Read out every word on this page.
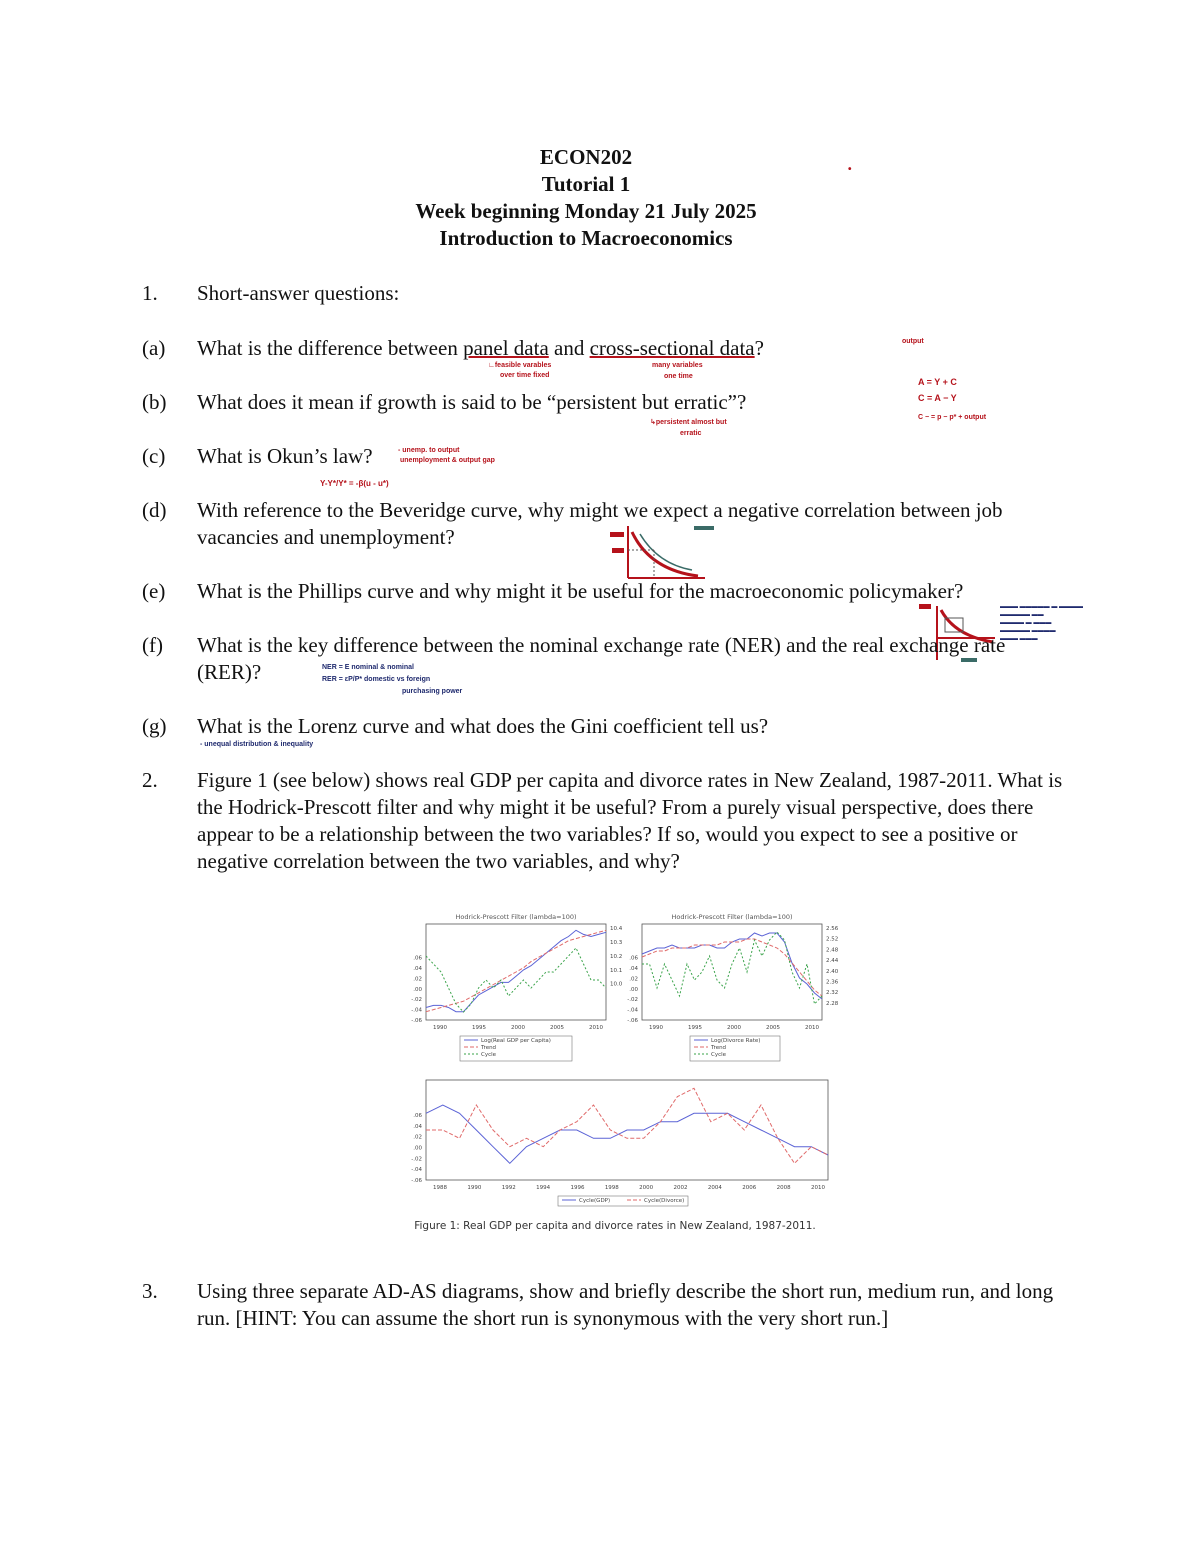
ECON202
Tutorial 1
Week beginning Monday 21 July 2025
Introduction to Macroeconomics
•
1. Short-answer questions:
(a) What is the difference between panel data and cross-sectional data?
∟feasible varables
over time fixed
many variables
one time
output
A = Y + C
C = A − Y
C − = p − p* + output
(b) What does it mean if growth is said to be “persistent but erratic”?
↳persistent almost but
erratic
(c) What is Okun’s law?	- unemp. to output
unemployment & output gap
Y-Y*/Y* = -β(u - u*)
(d) With reference to the Beveridge curve, why might we expect a negative correlation between job vacancies and unemployment?
(e) What is the Phillips curve and why might it be useful for the macroeconomic policymaker?
▬▬▬ ▬▬▬▬▬ ▬ ▬▬▬▬
▬▬▬▬▬ ▬▬
▬▬▬▬ ▬ ▬▬▬
▬▬▬▬▬ ▬▬▬▬
▬▬▬ ▬▬▬
(f) What is the key difference between the nominal exchange rate (NER) and the real exchange rate (RER)?	NER = E nominal & nominal
RER = εP/P* domestic vs foreign
purchasing power
(g) What is the Lorenz curve and what does the Gini coefficient tell us?
- unequal distribution & inequality
2. Figure 1 (see below) shows real GDP per capita and divorce rates in New Zealand, 1987-2011. What is the Hodrick-Prescott filter and why might it be useful? From a purely visual perspective, does there appear to be a relationship between the two variables? If so, would you expect to see a positive or negative correlation between the two variables, and why?
Hodrick-Prescott Filter (lambda=100)
.06
.04
.02
.00
-.02
-.04
-.06
10.4
10.3
10.2
10.1
10.0
1990	1995	2000	2005	2010
Log(Real GDP per Capita)
Trend
Cycle
Hodrick-Prescott Filter (lambda=100)
.06
.04
.02
.00
-.02
-.04
-.06
2.56
2.52
2.48
2.44
2.40
2.36
2.32
2.28
1990	1995	2000	2005	2010
Log(Divorce Rate)
Trend
Cycle
.06
.04
.02
.00
-.02
-.04
-.06
1988	1990	1992	1994	1996	1998	2000	2002	2004	2006	2008	2010
Cycle(GDP)	Cycle(Divorce)
Figure 1: Real GDP per capita and divorce rates in New Zealand, 1987-2011.
3. Using three separate AD-AS diagrams, show and briefly describe the short run, medium run, and long run. [HINT: You can assume the short run is synonymous with the very short run.]
